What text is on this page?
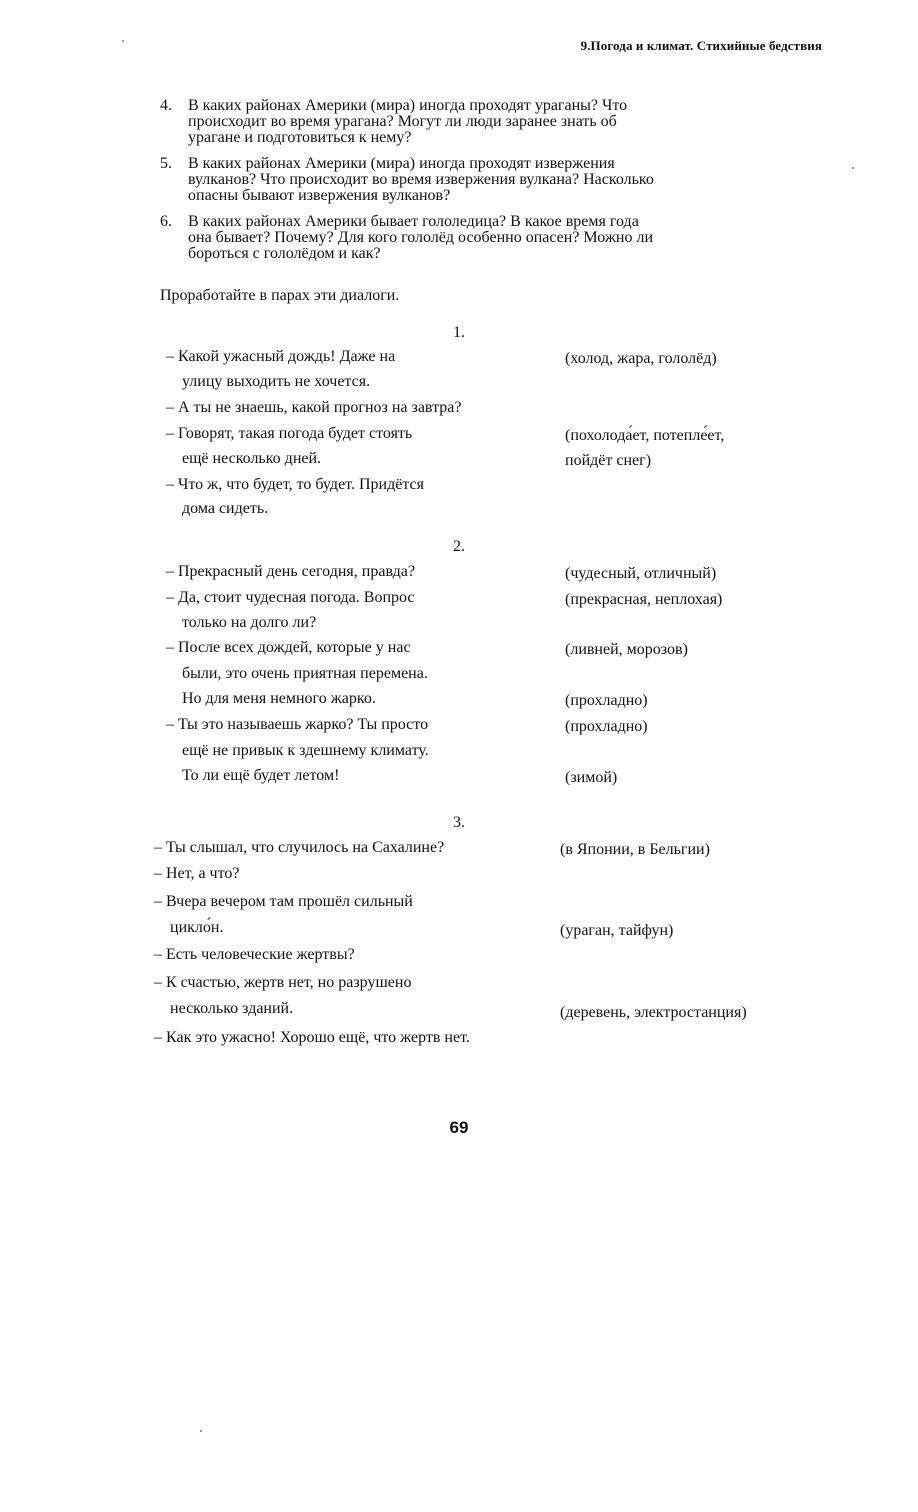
9.Погода и климат. Стихийные бедствия
4. В каких районах Америки (мира) иногда проходят ураганы? Что
происходит во время урагана? Могут ли люди заранее знать об
урагане и подготовиться к нему?
5. В каких районах Америки (мира) иногда проходят извержения
вулканов? Что происходит во время извержения вулкана? Насколько
опасны бывают извержения вулканов?
6. В каких районах Америки бывает гололедица? В какое время года
она бывает? Почему? Для кого гололёд особенно опасен? Можно ли
бороться с гололёдом и как?
Проработайте в парах эти диалоги.
1.
– Какой ужасный дождь! Даже на
улицу выходить не хочется.
– А ты не знаешь, какой прогноз на завтра?
– Говорят, такая погода будет стоять
ещё несколько дней.
– Что ж, что будет, то будет. Придётся
дома сидеть.
(холод, жара, гололёд)
(похолода́ет, потепле́ет,
пойдёт снег)
2.
– Прекрасный день сегодня, правда?
– Да, стоит чудесная погода. Вопрос
только на долго ли?
– После всех дождей, которые у нас
были, это очень приятная перемена.
Но для меня немного жарко.
– Ты это называешь жарко? Ты просто
ещё не привык к здешнему климату.
То ли ещё будет летом!
(чудесный, отличный)
(прекрасная, неплохая)
(ливней, морозов)
(прохладно)
(прохладно)
(зимой)
3.
– Ты слышал, что случилось на Сахалине?
– Нет, а что?
– Вчера вечером там прошёл сильный
цикло́н.
– Есть человеческие жертвы?
– К счастью, жертв нет, но разрушено
несколько зданий.
– Как это ужасно! Хорошо ещё, что жертв нет.
(в Японии, в Бельгии)
(ураган, тайфун)
(деревень, электростанция)
69
